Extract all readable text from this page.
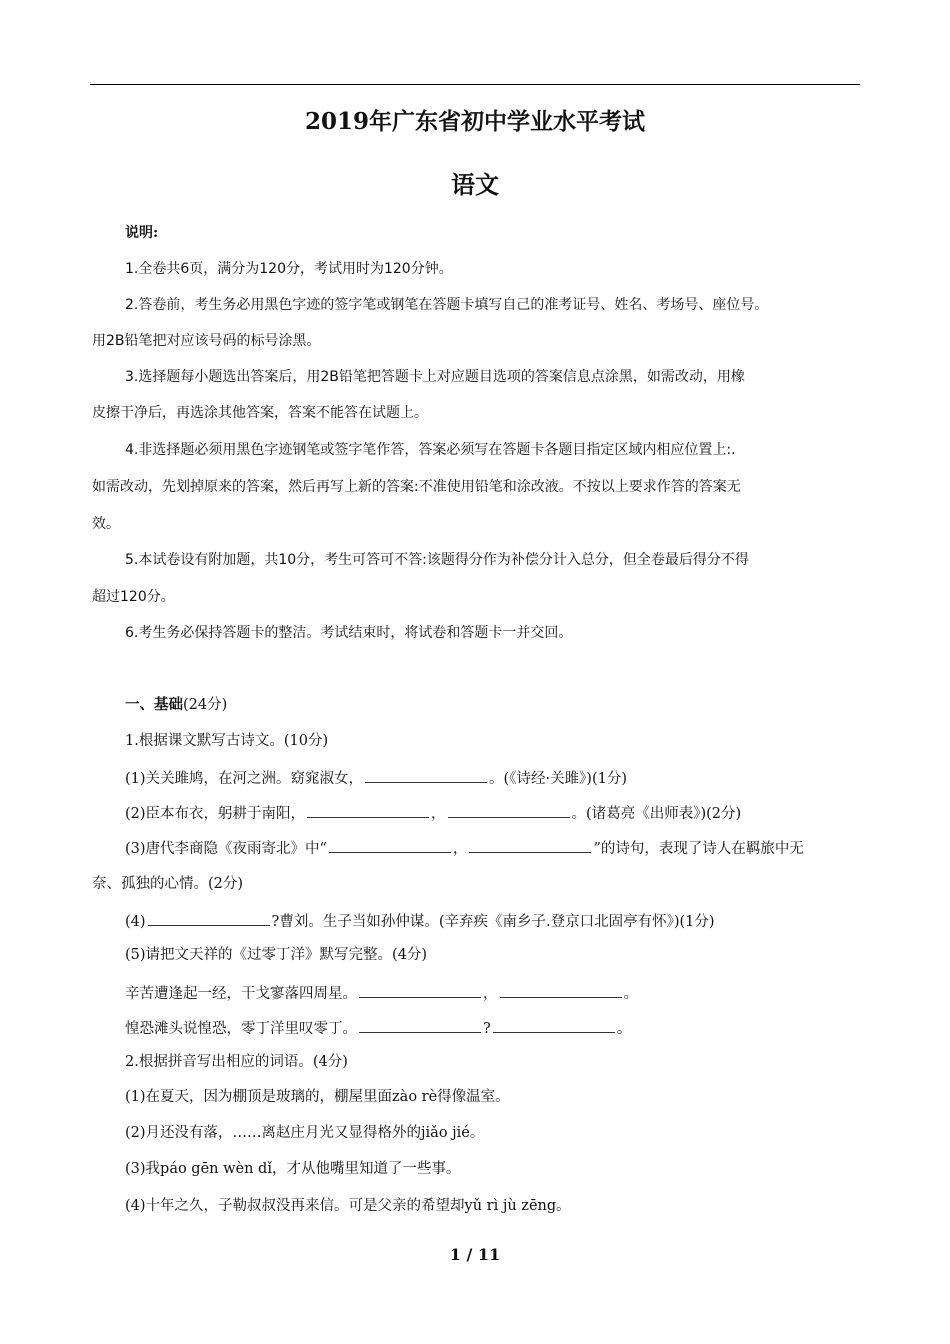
2019年广东省初中学业水平考试
语文
说明:
1.全卷共6页，满分为120分，考试用时为120分钟。
2.答卷前，考生务必用黑色字迹的签字笔或钢笔在答题卡填写自己的准考证号、姓名、考场号、座位号。
用2B铅笔把对应该号码的标号涂黑。
3.选择题每小题选出答案后，用2B铅笔把答题卡上对应题目选项的答案信息点涂黑，如需改动，用橡
皮擦干净后，再选涂其他答案，答案不能答在试题上。
4.非选择题必须用黑色字迹钢笔或签字笔作答，答案必须写在答题卡各题目指定区域内相应位置上:.
如需改动，先划掉原来的答案，然后再写上新的答案:不准使用铅笔和涂改液。不按以上要求作答的答案无
效。
5.本试卷设有附加题，共10分，考生可答可不答:该题得分作为补偿分计入总分，但全卷最后得分不得
超过120分。
6.考生务必保持答题卡的整洁。考试结束时，将试卷和答题卡一并交回。
一、基础(24分)
1.根据课文默写古诗文。(10分)
(1)关关雎鸠，在河之洲。窈窕淑女，	。(《诗经·关雎》)(1分)
(2)臣本布衣，躬耕于南阳，	，	。(诸葛亮《出师表》)(2分)
(3)唐代李商隐《夜雨寄北》中“	，	”的诗句，表现了诗人在羁旅中无
奈、孤独的心情。(2分)
(4)	?曹刘。生子当如孙仲谋。(辛弃疾《南乡子.登京口北固亭有怀》)(1分)
(5)请把文天祥的《过零丁洋》默写完整。(4分)
辛苦遭逢起一经，干戈寥落四周星。	，	。
惶恐滩头说惶恐，零丁洋里叹零丁。	?	。
2.根据拼音写出相应的词语。(4分)
(1)在夏天，因为棚顶是玻璃的，棚屋里面zào rè得像温室。
(2)月还没有落，……离赵庄月光又显得格外的jiǎo jié。
(3)我páo gēn wèn dǐ，才从他嘴里知道了一些事。
(4)十年之久，子勒叔叔没再来信。可是父亲的希望却yǔ rì jù zēng。
1 / 11
